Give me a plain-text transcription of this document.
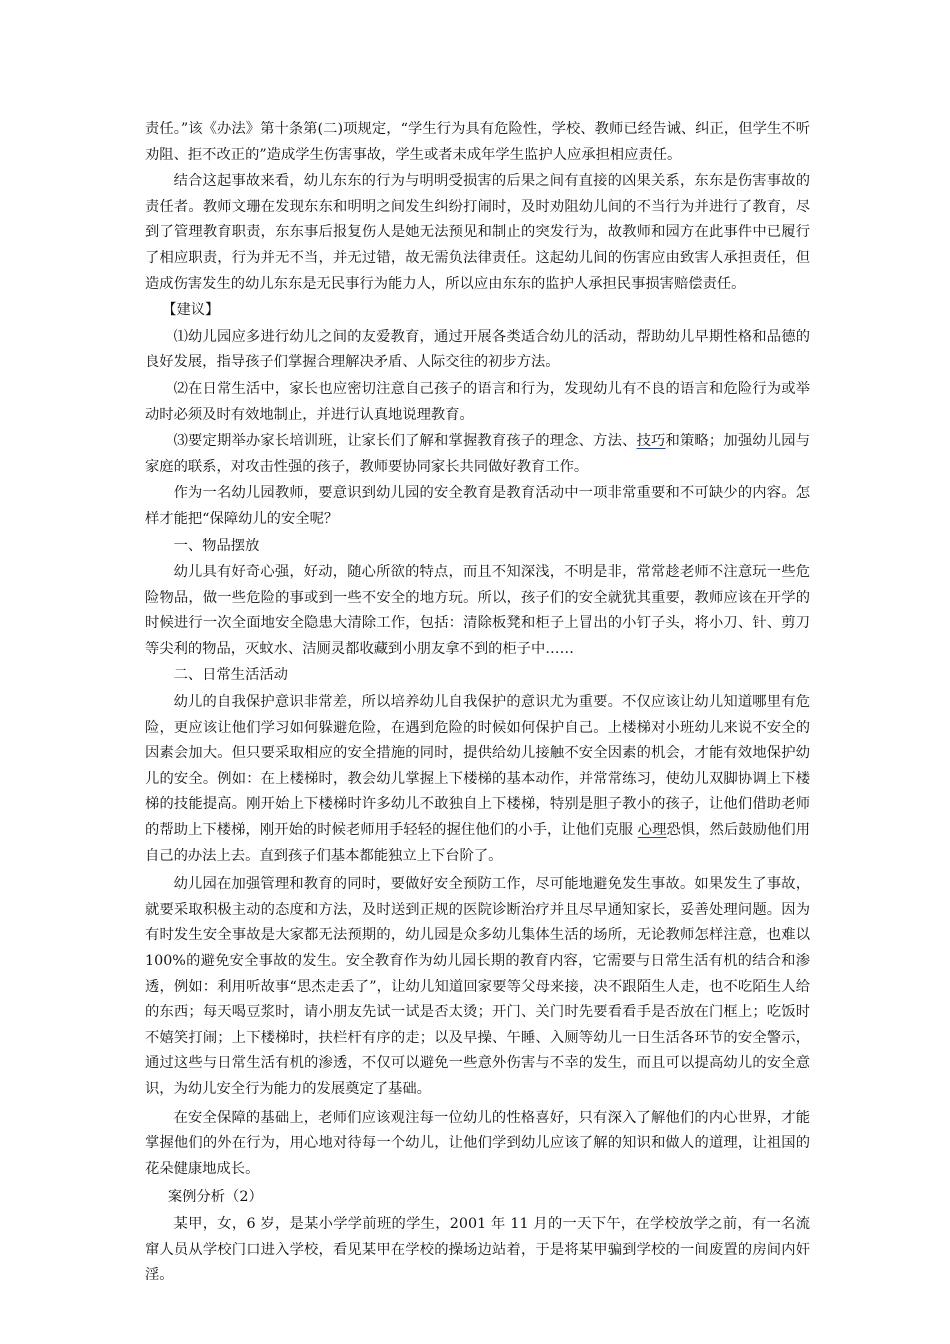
责任。”该《办法》第十条第(二)项规定，“学生行为具有危险性，学校、教师已经告诫、纠正，但学生不听劝阻、拒不改正的”造成学生伤害事故，学生或者未成年学生监护人应承担相应责任。

结合这起事故来看，幼儿东东的行为与明明受损害的后果之间有直接的凶果关系，东东是伤害事故的责任者。教师文珊在发现东东和明明之间发生纠纷打闹时，及时劝阻幼儿间的不当行为并进行了教育，尽到了管理教育职责，东东事后报复伤人是她无法预见和制止的突发行为，故教师和园方在此事件中已履行了相应职责，行为并无不当，并无过错，故无需负法律责任。这起幼儿间的伤害应由致害人承担责任，但造成伤害发生的幼儿东东是无民事行为能力人，所以应由东东的监护人承担民事损害赔偿责任。

【建议】

⑴幼儿园应多进行幼儿之间的友爱教育，通过开展各类适合幼儿的活动，帮助幼儿早期性格和品德的良好发展，指导孩子们掌握合理解决矛盾、人际交往的初步方法。

⑵在日常生活中，家长也应密切注意自己孩子的语言和行为，发现幼儿有不良的语言和危险行为或举动时必须及时有效地制止，并进行认真地说理教育。

⑶要定期举办家长培训班，让家长们了解和掌握教育孩子的理念、方法、技巧和策略；加强幼儿园与家庭的联系，对攻击性强的孩子，教师要协同家长共同做好教育工作。

作为一名幼儿园教师，要意识到幼儿园的安全教育是教育活动中一项非常重要和不可缺少的内容。怎样才能把“保障幼儿的安全呢？

一、物品摆放

幼儿具有好奇心强，好动，随心所欲的特点，而且不知深浅，不明是非，常常趁老师不注意玩一些危险物品，做一些危险的事或到一些不安全的地方玩。所以，孩子们的安全就犹其重要，教师应该在开学的时候进行一次全面地安全隐患大清除工作，包括：清除板凳和柜子上冒出的小钉子头，将小刀、针、剪刀等尖利的物品，灭蚊水、洁厕灵都收藏到小朋友拿不到的柜子中……

二、日常生活活动

幼儿的自我保护意识非常差，所以培养幼儿自我保护的意识尤为重要。不仅应该让幼儿知道哪里有危险，更应该让他们学习如何躲避危险，在遇到危险的时候如何保护自己。上楼梯对小班幼儿来说不安全的因素会加大。但只要采取相应的安全措施的同时，提供给幼儿接触不安全因素的机会，才能有效地保护幼儿的安全。例如：在上楼梯时，教会幼儿掌握上下楼梯的基本动作，并常常练习，使幼儿双脚协调上下楼梯的技能提高。刚开始上下楼梯时许多幼儿不敢独自上下楼梯，特别是胆子教小的孩子，让他们借助老师的帮助上下楼梯，刚开始的时候老师用手轻轻的握住他们的小手，让他们克服 心理恐惧，然后鼓励他们用自己的办法上去。直到孩子们基本都能独立上下台阶了。

幼儿园在加强管理和教育的同时，要做好安全预防工作，尽可能地避免发生事故。如果发生了事故，就要采取积极主动的态度和方法，及时送到正规的医院诊断治疗并且尽早通知家长，妥善处理问题。因为有时发生安全事故是大家都无法预期的，幼儿园是众多幼儿集体生活的场所，无论教师怎样注意，也难以 100%的避免安全事故的发生。安全教育作为幼儿园长期的教育内容，它需要与日常生活有机的结合和渗透，例如：利用听故事“思杰走丢了”，让幼儿知道回家要等父母来接，决不跟陌生人走，也不吃陌生人给的东西；每天喝豆浆时，请小朋友先试一试是否太烫；开门、关门时先要看看手是否放在门框上；吃饭时不嬉笑打闹；上下楼梯时，扶栏杆有序的走；以及早操、午睡、入厕等幼儿一日生活各环节的安全警示，通过这些与日常生活有机的渗透，不仅可以避免一些意外伤害与不幸的发生，而且可以提高幼儿的安全意识，为幼儿安全行为能力的发展奠定了基础。

在安全保障的基础上，老师们应该观注每一位幼儿的性格喜好，只有深入了解他们的内心世界，才能掌握他们的外在行为，用心地对待每一个幼儿，让他们学到幼儿应该了解的知识和做人的道理，让祖国的花朵健康地成长。

案例分析（2）

某甲，女，6 岁，是某小学学前班的学生，2001 年 11 月的一天下午，在学校放学之前，有一名流窜人员从学校门口进入学校，看见某甲在学校的操场边站着，于是将某甲骗到学校的一间废置的房间内奸淫。
